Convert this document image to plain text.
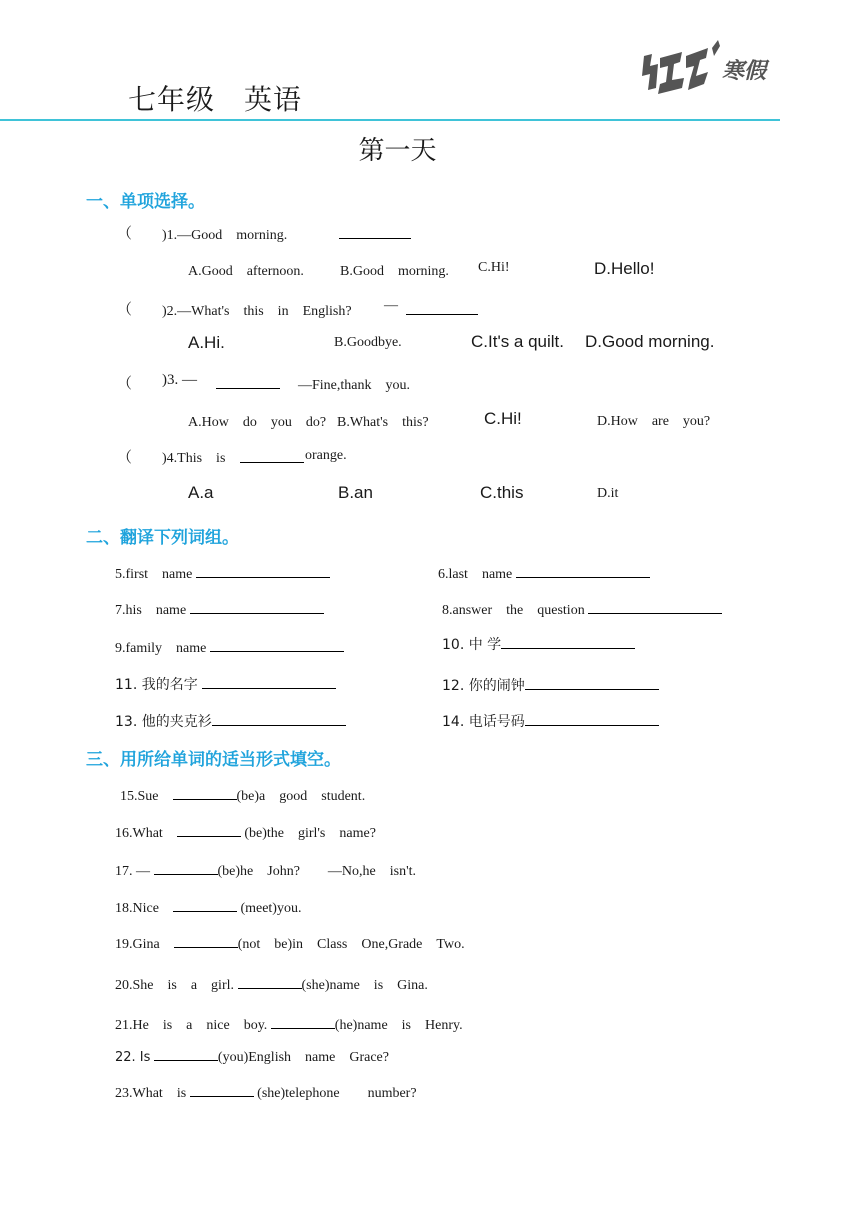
七年级　英语
寒假
第一天
一、单项选择。
（ )1.—Good　morning.
A.Good　afternoon.	B.Good　morning. C.Hi!	D.Hello!
（ )2.—What's　this　in　English? —
A.Hi.	B.Goodbye.	C.It's a quilt. D.Good morning.
（ )3. —	—Fine,thank　you.
A.How　do　you　do? B.What's　this?	C.Hi!	D.How　are　you?
（ )4.This　is	orange.
A.a	B.an	C.this	D.it
二、翻译下列词组。
5.first　name	6.last　name
7.his　name	8.answer　the　question
9.family　name	10. 中 学
11. 我的名字	12. 你的闹钟
13. 他的夹克衫	14. 电话号码
三、用所给单词的适当形式填空。
15.Sue　	(be)a　good　student.
16.What　	(be)the　girl's　name?
17. —	(be)he　John?　　—No,he　isn't.
18.Nice　	(meet)you.
19.Gina　	(not　be)in　Class　One,Grade　Two.
20.She　is　a　girl.	(she)name　is　Gina.
21.He　is　a　nice　boy.	(he)name　is　Henry.
22. Is	(you)English　name　Grace?
23.What　is	(she)telephone　　number?
